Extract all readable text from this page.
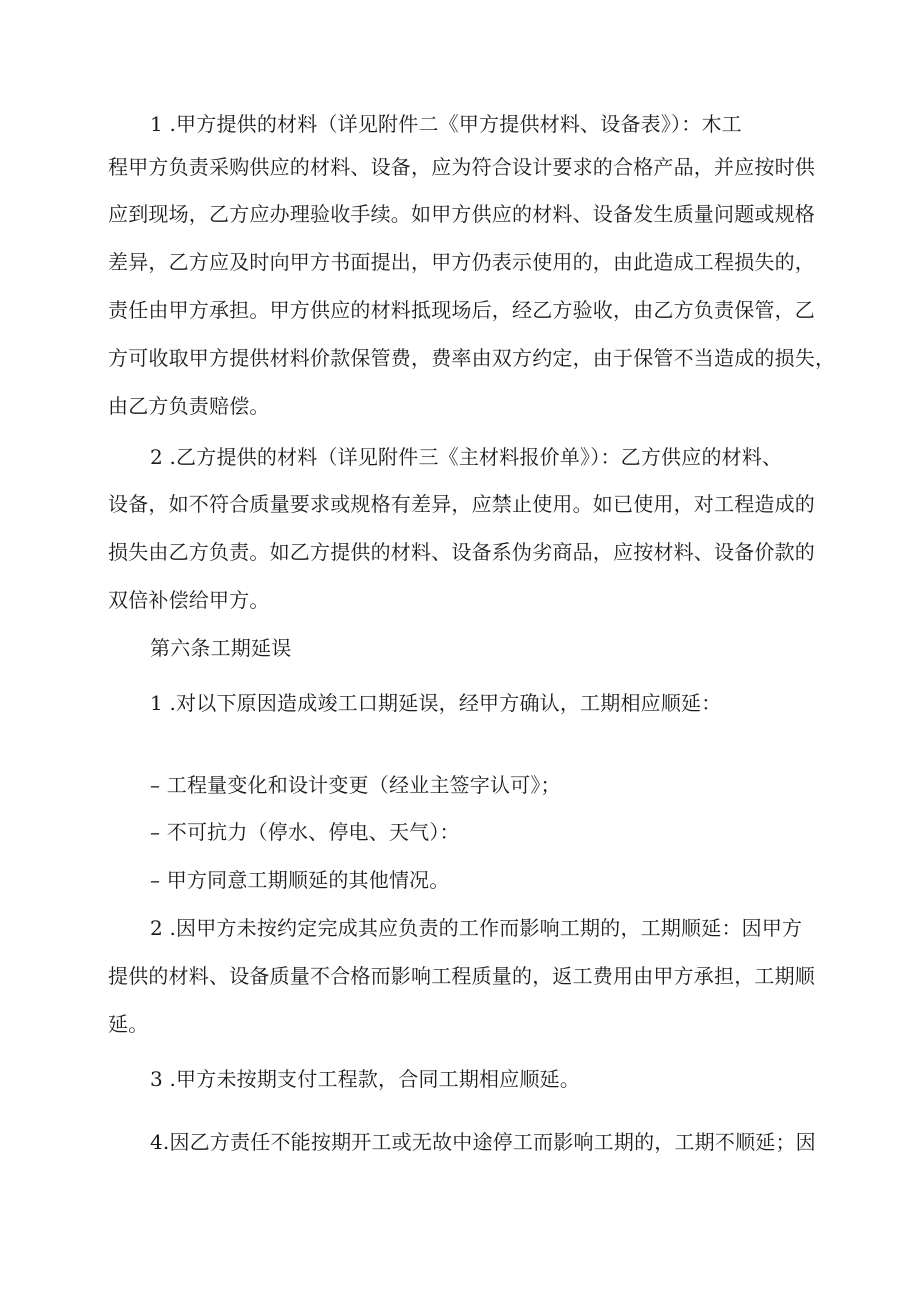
1 .甲方提供的材料（详见附件二《甲方提供材料、设备表》）：木工
程甲方负责采购供应的材料、设备，应为符合设计要求的合格产品，并应按时供
应到现场，乙方应办理验收手续。如甲方供应的材料、设备发生质量问题或规格
差异，乙方应及时向甲方书面提出，甲方仍表示使用的，由此造成工程损失的，
责任由甲方承担。甲方供应的材料抵现场后，经乙方验收，由乙方负责保管，乙
方可收取甲方提供材料价款保管费，费率由双方约定，由于保管不当造成的损失，
由乙方负责赔偿。
2 .乙方提供的材料（详见附件三《主材料报价单》）：乙方供应的材料、
设备，如不符合质量要求或规格有差异，应禁止使用。如已使用，对工程造成的
损失由乙方负责。如乙方提供的材料、设备系伪劣商品，应按材料、设备价款的
双倍补偿给甲方。
第六条工期延误
1 .对以下原因造成竣工口期延误，经甲方确认，工期相应顺延：
– 工程量变化和设计变更（经业主签字认可》；
– 不可抗力（停水、停电、天气）：
– 甲方同意工期顺延的其他情况。
2 .因甲方未按约定完成其应负责的工作而影响工期的，工期顺延：因甲方
提供的材料、设备质量不合格而影响工程质量的，返工费用由甲方承担，工期顺
延。
3 .甲方未按期支付工程款，合同工期相应顺延。
4.因乙方责任不能按期开工或无故中途停工而影响工期的，工期不顺延；因
